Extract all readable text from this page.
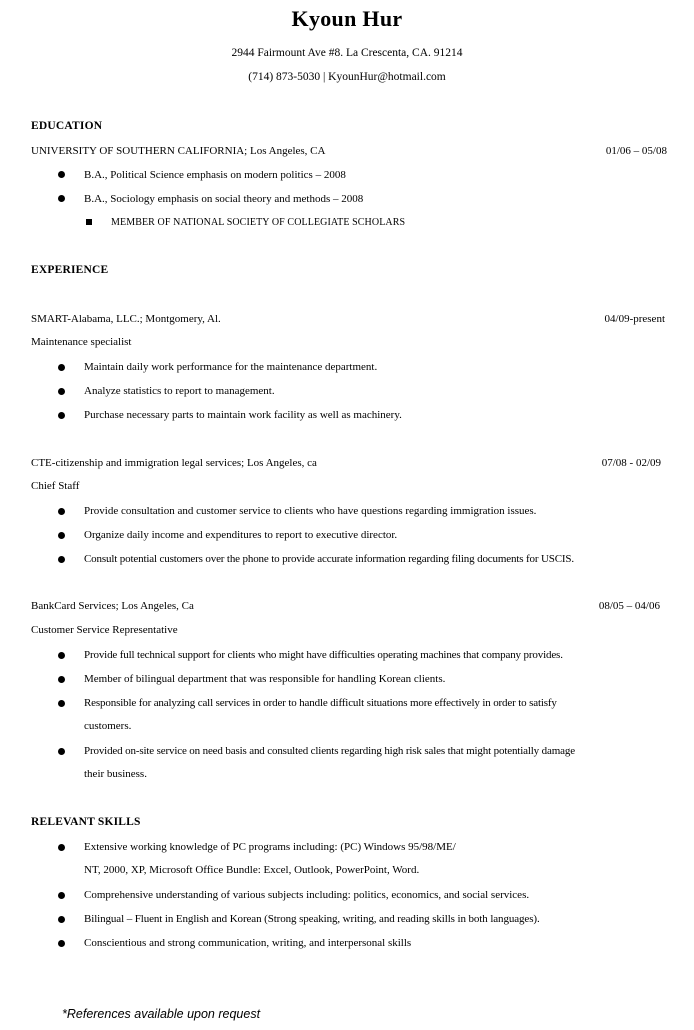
Kyoun Hur
2944 Fairmount Ave #8. La Crescenta, CA. 91214
(714) 873-5030 | KyounHur@hotmail.com
EDUCATION
UNIVERSITY OF SOUTHERN CALIFORNIA; Los Angeles, CA	01/06 – 05/08
B.A., Political Science emphasis on modern politics – 2008
B.A., Sociology emphasis on social theory and methods – 2008
MEMBER OF NATIONAL SOCIETY OF COLLEGIATE SCHOLARS
EXPERIENCE
SMART-Alabama, LLC.; Montgomery, Al.	04/09-present
Maintenance specialist
Maintain daily work performance for the maintenance department.
Analyze statistics to report to management.
Purchase necessary parts to maintain work facility as well as machinery.
CTE-citizenship and immigration legal services; Los Angeles, ca	07/08 - 02/09
Chief Staff
Provide consultation and customer service to clients who have questions regarding immigration issues.
Organize daily income and expenditures to report to executive director.
Consult potential customers over the phone to provide accurate information regarding filing documents for USCIS.
BankCard Services; Los Angeles, Ca	08/05 – 04/06
Customer Service Representative
Provide full technical support for clients who might have difficulties operating machines that company provides.
Member of bilingual department that was responsible for handling Korean clients.
Responsible for analyzing call services in order to handle difficult situations more effectively in order to satisfy
customers.
Provided on-site service on need basis and consulted clients regarding high risk sales that might potentially damage
their business.
RELEVANT SKILLS
Extensive working knowledge of PC programs including: (PC) Windows 95/98/ME/
NT, 2000, XP, Microsoft Office Bundle: Excel, Outlook, PowerPoint, Word.
Comprehensive understanding of various subjects including: politics, economics, and social services.
Bilingual – Fluent in English and Korean (Strong speaking, writing, and reading skills in both languages).
Conscientious and strong communication, writing, and interpersonal skills
*References available upon request
